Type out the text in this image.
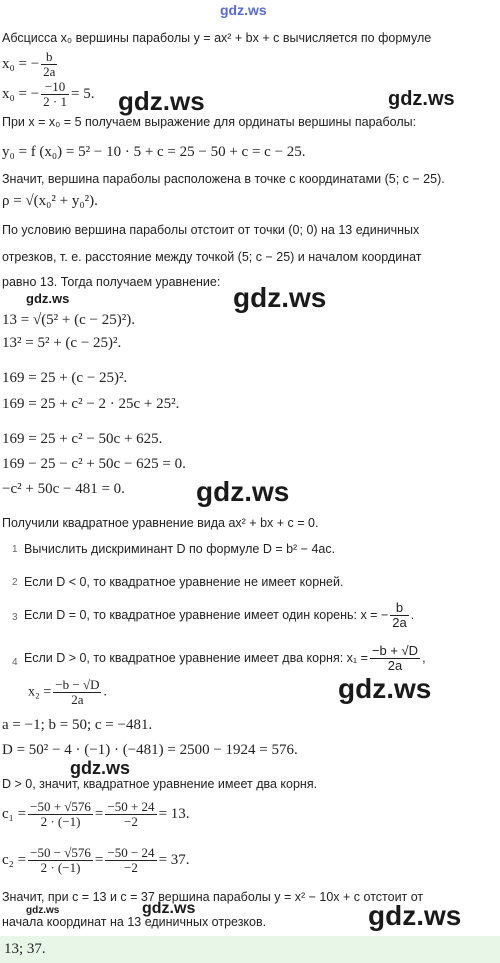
gdz.ws
gdz.ws	gdz.ws
gdz.ws	gdz.ws
gdz.ws
gdz.ws
gdz.ws
gdz.ws	gdz.ws	gdz.ws
Абсцисса x₀ вершины параболы y = ax² + bx + c вычисляется по формуле
x₀ = − $\frac{b}{2a}$
x₀ = − $\frac{-10}{2 \cdot 1} = 5$.
При x = x₀ = 5 получаем выражение для ординаты вершины параболы:
y₀ = f (x₀) = 5² − 10 · 5 + c = 25 − 50 + c = c − 25.
Значит, вершина параболы расположена в точке с координатами (5; c − 25).
ρ = √(x₀² + y₀²).
По условию вершина параболы отстоит от точки (0; 0) на 13 единичных
отрезков, т. е. расстояние между точкой (5; c − 25) и началом координат
равно 13. Тогда получаем уравнение:
13 = √(5² + (c − 25)²).
13² = 5² + (c − 25)².
169 = 25 + (c − 25)².
169 = 25 + c² − 2 · 25c + 25².
169 = 25 + c² − 50c + 625.
169 − 25 − c² + 50c − 625 = 0.
−c² + 50c − 481 = 0.
Получили квадратное уравнение вида ax² + bx + c = 0.
1 Вычислить дискриминант D по формуле D = b² − 4ac.
2 Если D < 0, то квадратное уравнение не имеет корней.
3 Если D = 0, то квадратное уравнение имеет один корень: x = − $\frac{b}{2a}$ .
4 Если D > 0, то квадратное уравнение имеет два корня: $x_1 = \frac{-b + √D}{2a}$ ,
$x_2 = \frac{-b - √D}{2a}$ .
a = −1; b = 50; c = −481.
D = 50² − 4 · (−1) · (−481) = 2500 − 1924 = 576.
D > 0, значит, квадратное уравнение имеет два корня.
$c_1 = \frac{-50 + √576}{2 \cdot (-1)} = \frac{-50 + 24}{-2} = 13$.
$c_2 = \frac{-50 - √576}{2 \cdot (-1)} = \frac{-50 - 24}{-2} = 37$.
Значит, при c = 13 и c = 37 вершина параболы y = x² − 10x + c отстоит от
начала координат на 13 единичных отрезков.
13; 37.
